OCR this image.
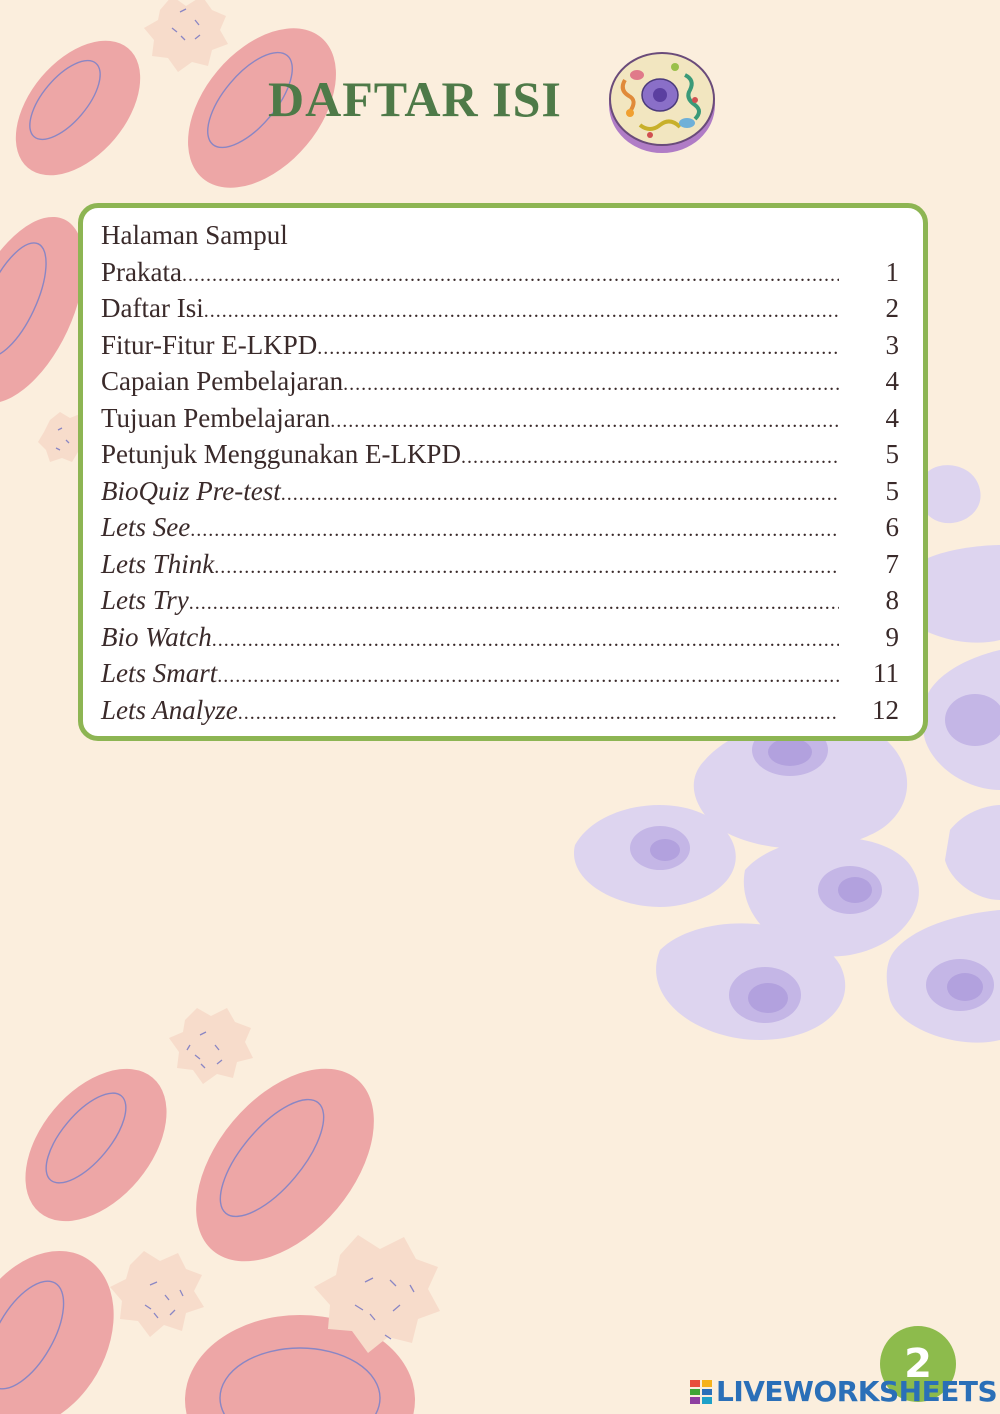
DAFTAR ISI
Halaman Sampul
Prakata .....	1
Daftar Isi .....	2
Fitur-Fitur E-LKPD .....	3
Capaian Pembelajaran .....	4
Tujuan Pembelajaran .....	4
Petunjuk Menggunakan E-LKPD .....	5
BioQuiz Pre-test .....	5
Lets See .....	6
Lets Think .....	7
Lets Try .....	8
Bio Watch .....	9
Lets Smart .....	11
Lets Analyze .....	12
2
LIVEWORKSHEETS
